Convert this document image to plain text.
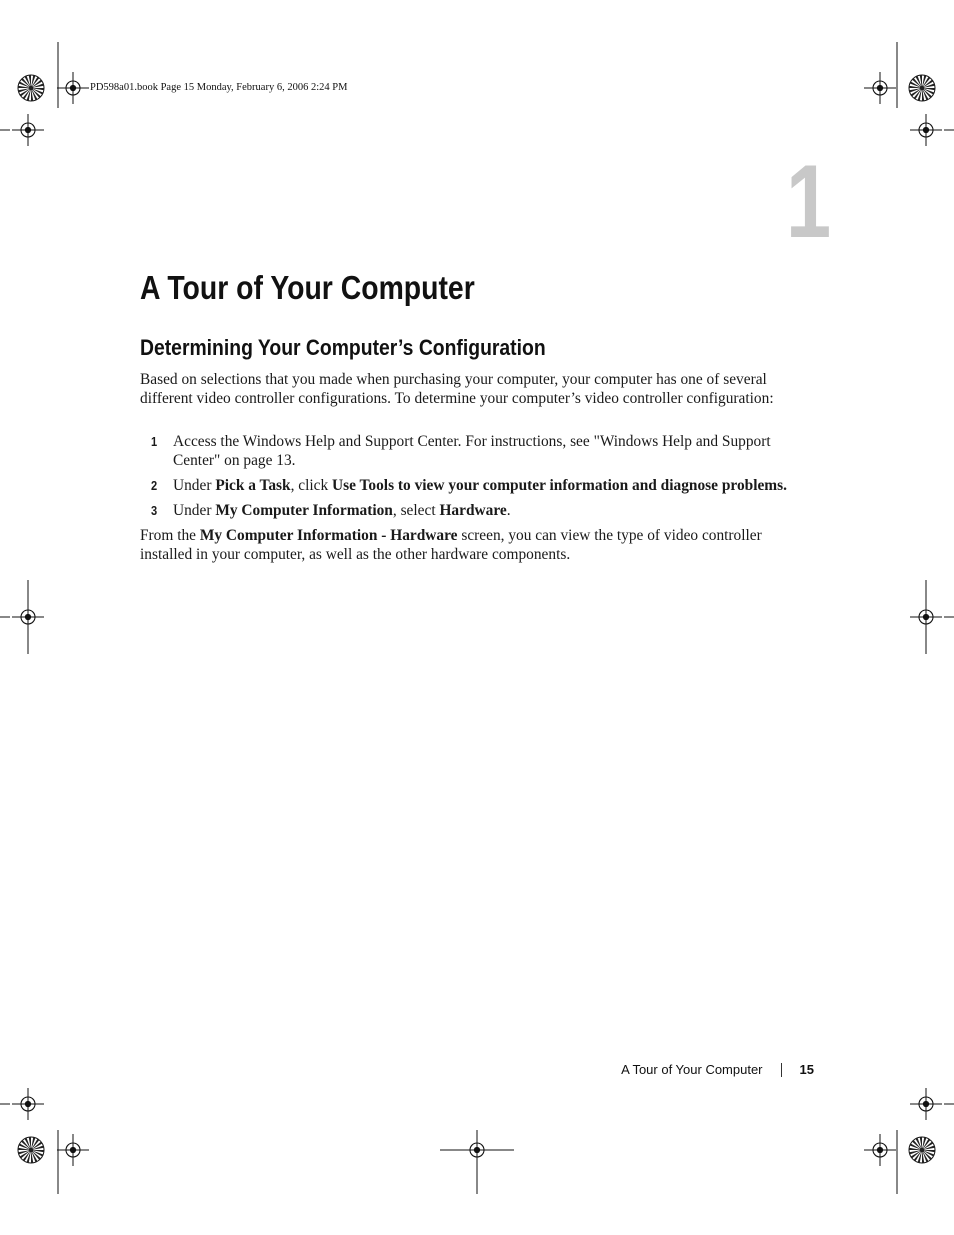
PD598a01.book Page 15 Monday, February 6, 2006 2:24 PM
1
A Tour of Your Computer
Determining Your Computer’s Configuration

Based on selections that you made when purchasing your computer, your computer has one of several different video controller configurations. To determine your computer’s video controller configuration:

1 Access the Windows Help and Support Center. For instructions, see "Windows Help and Support Center" on page 13.
2 Under Pick a Task, click Use Tools to view your computer information and diagnose problems.
3 Under My Computer Information, select Hardware.

From the My Computer Information - Hardware screen, you can view the type of video controller installed in your computer, as well as the other hardware components.

A Tour of Your Computer	15
